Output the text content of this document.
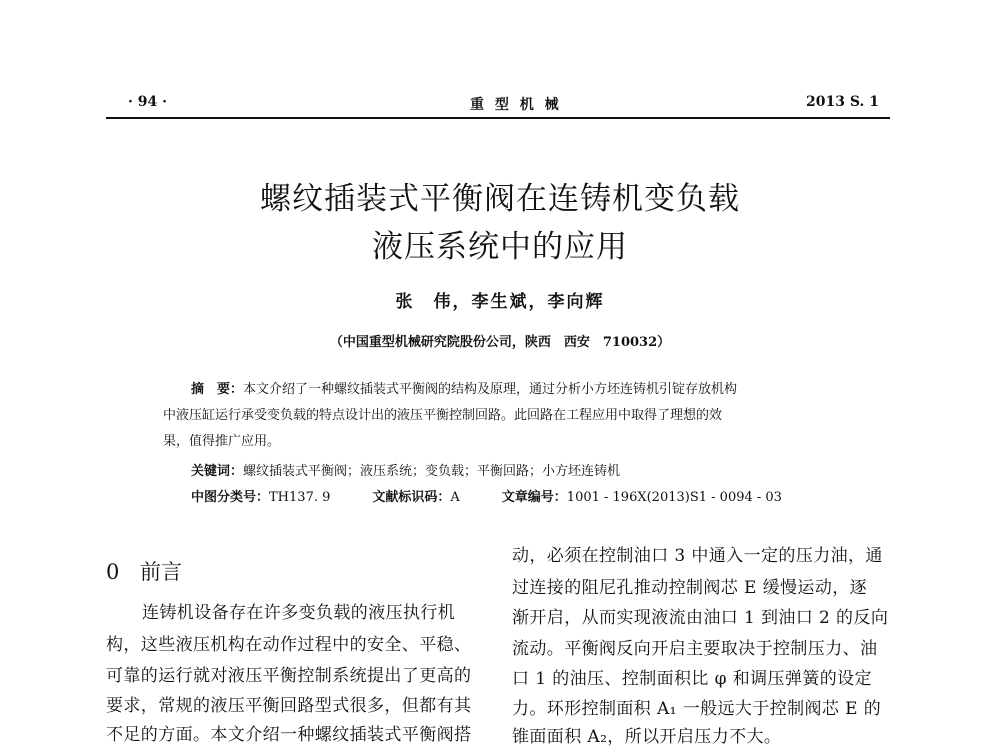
· 94 ·	重 型 机 械	2013 S. 1
螺纹插装式平衡阀在连铸机变负载
液压系统中的应用
张　伟，李生斌，李向辉
（中国重型机械研究院股份公司，陕西　西安　710032）
摘　要：本文介绍了一种螺纹插装式平衡阀的结构及原理，通过分析小方坯连铸机引锭存放机构
中液压缸运行承受变负载的特点设计出的液压平衡控制回路。此回路在工程应用中取得了理想的效
果，值得推广应用。
关键词：螺纹插装式平衡阀；液压系统；变负载；平衡回路；小方坯连铸机
中图分类号：TH137. 9	文献标识码：A	文章编号：1001 - 196X(2013)S1 - 0094 - 03
0 前言
连铸机设备存在许多变负载的液压执行机
构，这些液压机构在动作过程中的安全、平稳、
可靠的运行就对液压平衡控制系统提出了更高的
要求，常规的液压平衡回路型式很多，但都有其
不足的方面。本文介绍一种螺纹插装式平衡阀搭
动，必须在控制油口 3 中通入一定的压力油，通
过连接的阻尼孔推动控制阀芯 E 缓慢运动，逐
渐开启，从而实现液流由油口 1 到油口 2 的反向
流动。平衡阀反向开启主要取决于控制压力、油
口 1 的油压、控制面积比 φ 和调压弹簧的设定
力。环形控制面积 A₁ 一般远大于控制阀芯 E 的
锥面面积 A₂，所以开启压力不大。
